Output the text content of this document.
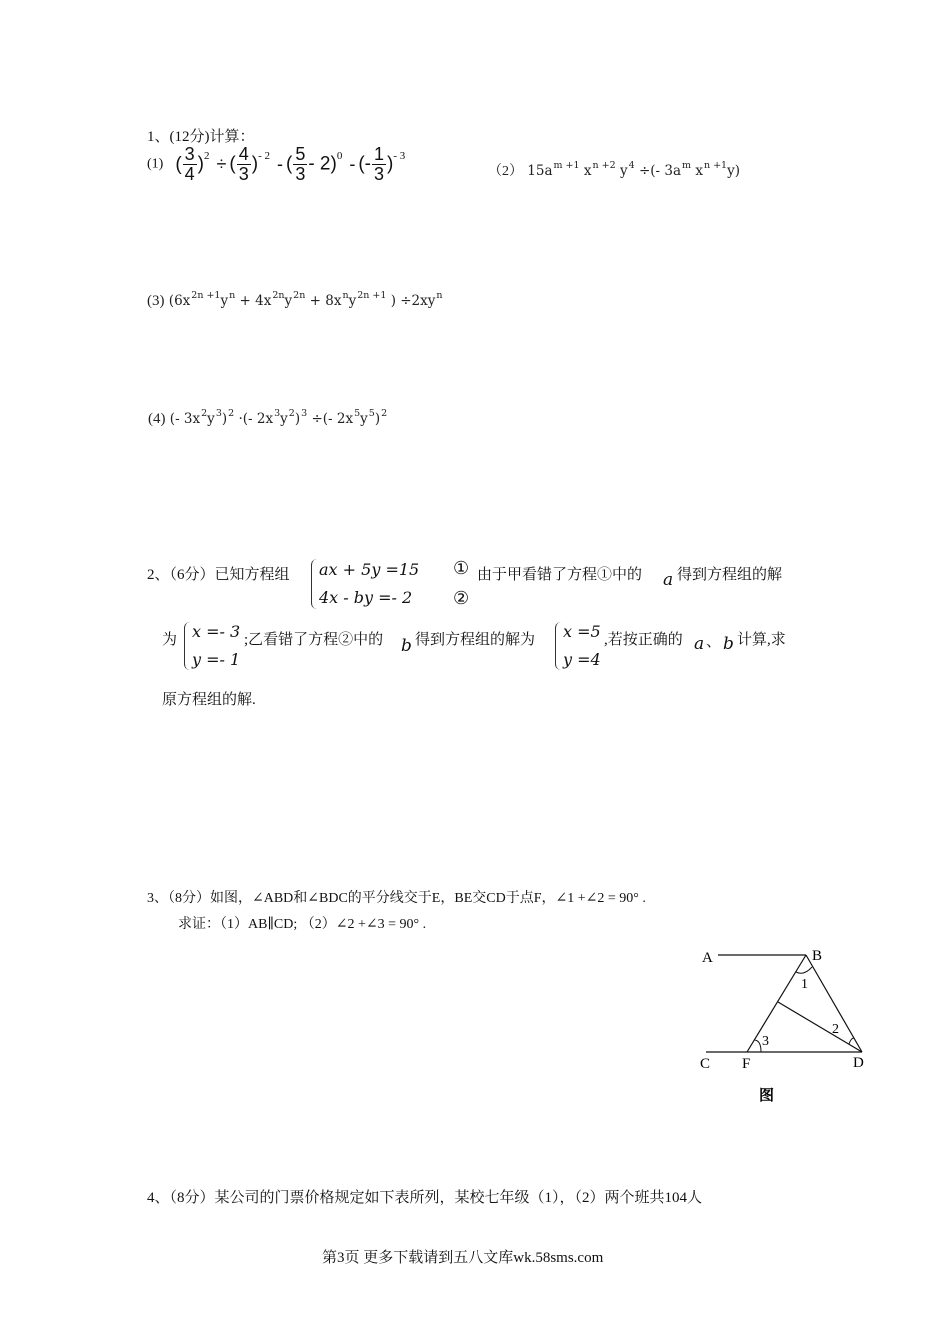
1、(12分)计算：
(1) ( $\frac{3}{4} )^2$ ÷ ( $\frac{4}{3} )^{- 2}$ - ( $\frac{5}{3} - 2)^0$ - (- $\frac{1}{3} )^{- 3}$
（2） $15a^{m +1}$ $x^{n +2}$ $y^4$ ÷(- $3a^m$ $x^{n +1}y$)
(3) ($6x^{2n +1}y^n + 4x^{2n}y^{2n} + 8x^ny^{2n +1}$ ) $\div 2xy^n$
(4) (- $3x^2y^3)^2$ ·(- $2x^3y^2)^3$ ÷(- $2x^5y^5)^2$
2、（6分）已知方程组 ax + 5y =15
4x - by =- 2
①
②
由于甲看错了方程①中的 a 得到方程组的解
为 x =- 3
y =- 1
;乙看错了方程②中的 b 得到方程组的解为 x =5
y =4
,若按正确的 a 、 b 计算,求
原方程组的解.
3、（8分）如图，∠ABD和∠BDC的平分线交于E，BE交CD于点F，∠1 +∠2 = 90° .
求证：（1）AB∥CD; （2）∠2 +∠3 = 90° .
A	B
C F	D
1
2
3
图
4、（8分）某公司的门票价格规定如下表所列，某校七年级（1），（2）两个班共104人
第3页 更多下载请到五八文库wk.58sms.com
